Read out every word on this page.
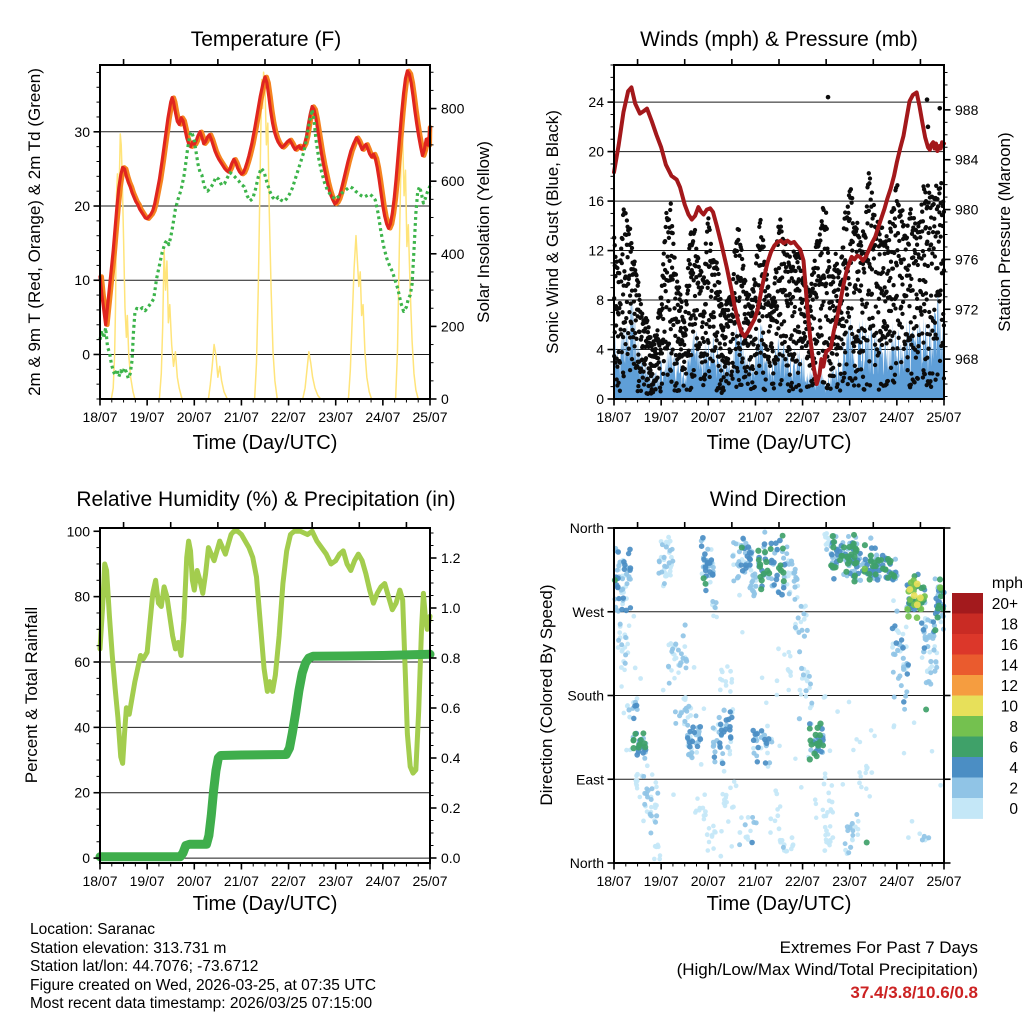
Temperature (F)	Winds (mph) & Pressure (mb)
Relative Humidity (%) & Precipitation (in)	Wind Direction
Time (Day/UTC)	Time (Day/UTC)
Time (Day/UTC)	Time (Day/UTC)
2m & 9m T (Red, Orange) & 2m Td (Green)	Solar Insolation (Yellow)	Sonic Wind & Gust (Blue, Black)	Station Pressure (Maroon)
Percent & Total Rainfall	Direction (Colored By Speed)
18/07 19/07 20/07 21/07 22/07 23/07 24/07 25/07
0
10
20
30
0
200
400
600
800
18/07 19/07 20/07 21/07 22/07 23/07 24/07 25/07
0
4
8
12
16
20
24
968
972
976
980
984
988
18/07 19/07 20/07 21/07 22/07 23/07 24/07 25/07
0
20
40
60
80
100
0.0
0.2
0.4
0.6
0.8
1.0
1.2
18/07 19/07 20/07 21/07 22/07 23/07 24/07 25/07
North
West
South
East
North
mph
20+
18
16
14
12
10
8
6
4
2
0
Location: Saranac
Station elevation: 313.731 m
Station lat/lon: 44.7076; -73.6712
Figure created on Wed, 2026-03-25, at 07:35 UTC
Most recent data timestamp: 2026/03/25 07:15:00
Extremes For Past 7 Days
(High/Low/Max Wind/Total Precipitation)
37.4/3.8/10.6/0.8
